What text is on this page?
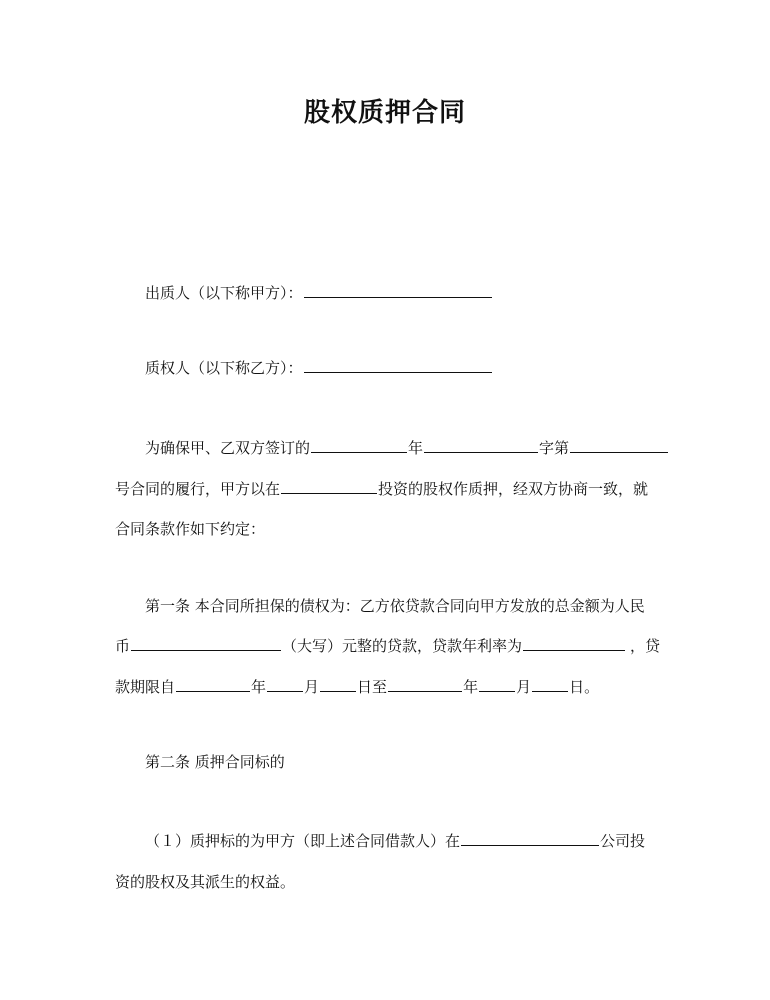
股权质押合同
出质人（以下称甲方）：
质权人（以下称乙方）：
为确保甲、乙双方签订的	年	字第
号合同的履行，甲方以在	投资的股权作质押，经双方协商一致，就
合同条款作如下约定：
第一条 本合同所担保的债权为：乙方依贷款合同向甲方发放的总金额为人民
币	（大写）元整的贷款，贷款年利率为	，贷
款期限自	年	月	日至	年	月	日。
第二条 质押合同标的
（１）质押标的为甲方（即上述合同借款人）在	公司投
资的股权及其派生的权益。
